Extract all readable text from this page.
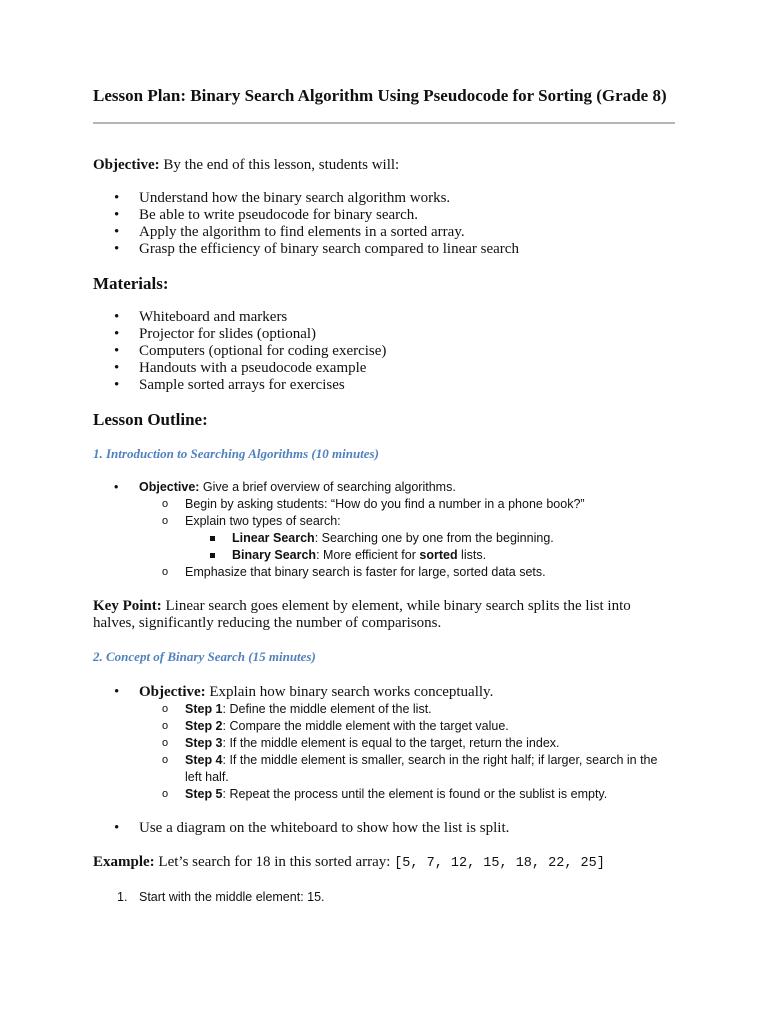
Lesson Plan: Binary Search Algorithm Using Pseudocode for Sorting (Grade 8)

Objective: By the end of this lesson, students will:

• Understand how the binary search algorithm works.
• Be able to write pseudocode for binary search.
• Apply the algorithm to find elements in a sorted array.
• Grasp the efficiency of binary search compared to linear search
Materials:
• Whiteboard and markers
• Projector for slides (optional)
• Computers (optional for coding exercise)
• Handouts with a pseudocode example
• Sample sorted arrays for exercises
Lesson Outline:
1. Introduction to Searching Algorithms (10 minutes)
• Objective: Give a brief overview of searching algorithms.
o Begin by asking students: “How do you find a number in a phone book?”
o Explain two types of search:
Linear Search: Searching one by one from the beginning.
Binary Search: More efficient for sorted lists.
o Emphasize that binary search is faster for large, sorted data sets.

Key Point: Linear search goes element by element, while binary search splits the list into halves, significantly reducing the number of comparisons.

2. Concept of Binary Search (15 minutes)
• Objective: Explain how binary search works conceptually.
o Step 1: Define the middle element of the list.
o Step 2: Compare the middle element with the target value.
o Step 3: If the middle element is equal to the target, return the index.
o Step 4: If the middle element is smaller, search in the right half; if larger, search in the left half.
o Step 5: Repeat the process until the element is found or the sublist is empty.
• Use a diagram on the whiteboard to show how the list is split.

Example: Let’s search for 18 in this sorted array: [5, 7, 12, 15, 18, 22, 25]

1. Start with the middle element: 15.
